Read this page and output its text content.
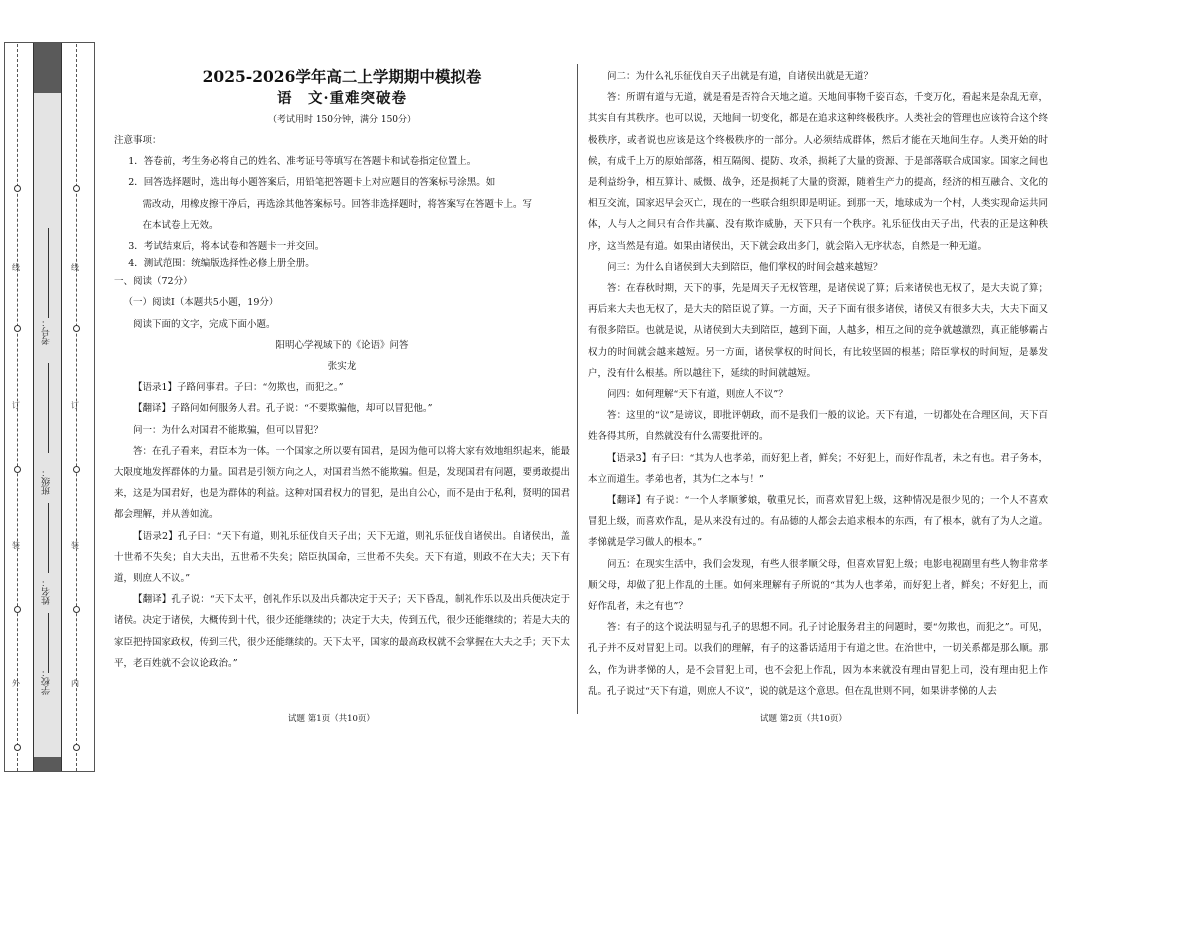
考号：
班级：
姓名：
学校：
线
订
装
外
线
订
装
内
2025-2026学年高二上学期期中模拟卷
语　文·重难突破卷
（考试用时 150分钟，满分 150分）

注意事项：

1．答卷前，考生务必将自己的姓名、准考证号等填写在答题卡和试卷指定位置上。

2．回答选择题时，选出每小题答案后，用铅笔把答题卡上对应题目的答案标号涂黑。如

需改动，用橡皮擦干净后，再选涂其他答案标号。回答非选择题时，将答案写在答题卡上。写

在本试卷上无效。

3．考试结束后，将本试卷和答题卡一并交回。

4．测试范围：统编版选择性必修上册全册。

一、阅读（72分）

（一）阅读Ⅰ（本题共5小题，19分）

阅读下面的文字，完成下面小题。

阳明心学视域下的《论语》问答

张实龙

【语录1】子路问事君。子曰：“勿欺也，而犯之。”

【翻译】子路问如何服务人君。孔子说：“不要欺骗他，却可以冒犯他。”

问一：为什么对国君不能欺骗，但可以冒犯？

答：在孔子看来，君臣本为一体。一个国家之所以要有国君，是因为他可以将大家有效地组织起来，能最大限度地发挥群体的力量。国君是引领方向之人，对国君当然不能欺骗。但是，发现国君有问题，要勇敢提出来，这是为国君好，也是为群体的利益。这种对国君权力的冒犯，是出自公心，而不是由于私利，贤明的国君都会理解，并从善如流。

【语录2】孔子曰：“天下有道，则礼乐征伐自天子出；天下无道，则礼乐征伐自诸侯出。自诸侯出，盖十世希不失矣；自大夫出，五世希不失矣；陪臣执国命，三世希不失矣。天下有道，则政不在大夫；天下有道，则庶人不议。”

【翻译】孔子说：“天下太平，创礼作乐以及出兵都决定于天子；天下昏乱，制礼作乐以及出兵便决定于诸侯。决定于诸侯，大概传到十代，很少还能继续的；决定于大夫，传到五代，很少还能继续的；若是大夫的家臣把持国家政权，传到三代，很少还能继续的。天下太平，国家的最高政权就不会掌握在大夫之手；天下太平，老百姓就不会议论政治。”

试题 第1页（共10页）

问二：为什么礼乐征伐自天子出就是有道，自诸侯出就是无道？

答：所谓有道与无道，就是看是否符合天地之道。天地间事物千姿百态，千变万化，看起来是杂乱无章，其实自有其秩序。也可以说，天地间一切变化，都是在追求这种终极秩序。人类社会的管理也应该符合这个终极秩序，或者说也应该是这个终极秩序的一部分。人必须结成群体，然后才能在天地间生存。人类开始的时候，有成千上万的原始部落，相互隔阂、提防、攻杀，损耗了大量的资源、于是部落联合成国家。国家之间也是利益纷争，相互算计、威慑、战争，还是损耗了大量的资源，随着生产力的提高，经济的相互融合、文化的相互交流，国家迟早会灭亡，现在的一些联合组织即是明证。到那一天，地球成为一个村，人类实现命运共同体，人与人之间只有合作共赢、没有欺诈威胁，天下只有一个秩序。礼乐征伐由天子出，代表的正是这种秩序，这当然是有道。如果由诸侯出，天下就会政出多门，就会陷入无序状态，自然是一种无道。

问三：为什么自诸侯到大夫到陪臣，他们掌权的时间会越来越短？

答：在春秋时期，天下的事，先是周天子无权管理，是诸侯说了算；后来诸侯也无权了，是大夫说了算；再后来大夫也无权了，是大夫的陪臣说了算。一方面，天子下面有很多诸侯，诸侯又有很多大夫，大夫下面又有很多陪臣。也就是说，从诸侯到大夫到陪臣，越到下面，人越多，相互之间的竞争就越激烈，真正能够霸占权力的时间就会越来越短。另一方面，诸侯掌权的时间长，有比较坚固的根基；陪臣掌权的时间短，是暴发户，没有什么根基。所以越往下，延续的时间就越短。

问四：如何理解“天下有道，则庶人不议”？

答：这里的“议”是谤议，即批评朝政，而不是我们一般的议论。天下有道，一切都处在合理区间，天下百姓各得其所，自然就没有什么需要批评的。

【语录3】有子曰：“其为人也孝弟，而好犯上者，鲜矣；不好犯上，而好作乱者，未之有也。君子务本，本立而道生。孝弟也者，其为仁之本与！”

【翻译】有子说：“一个人孝顺爹娘，敬重兄长，而喜欢冒犯上级，这种情况是很少见的；一个人不喜欢冒犯上级，而喜欢作乱，是从来没有过的。有品德的人都会去追求根本的东西，有了根本，就有了为人之道。孝悌就是学习做人的根本。”

问五：在现实生活中，我们会发现，有些人很孝顺父母，但喜欢冒犯上级；电影电视剧里有些人物非常孝顺父母，却做了犯上作乱的土匪。如何来理解有子所说的“其为人也孝弟，而好犯上者，鲜矣；不好犯上，而好作乱者，未之有也”？

答：有子的这个说法明显与孔子的思想不同。孔子讨论服务君主的问题时，要“勿欺也，而犯之”。可见，孔子并不反对冒犯上司。以我们的理解，有子的这番话适用于有道之世。在治世中，一切关系都是那么顺。那么，作为讲孝悌的人，是不会冒犯上司，也不会犯上作乱，因为本来就没有理由冒犯上司，没有理由犯上作乱。孔子说过“天下有道，则庶人不议”，说的就是这个意思。但在乱世则不同，如果讲孝悌的人去

试题 第2页（共10页）
